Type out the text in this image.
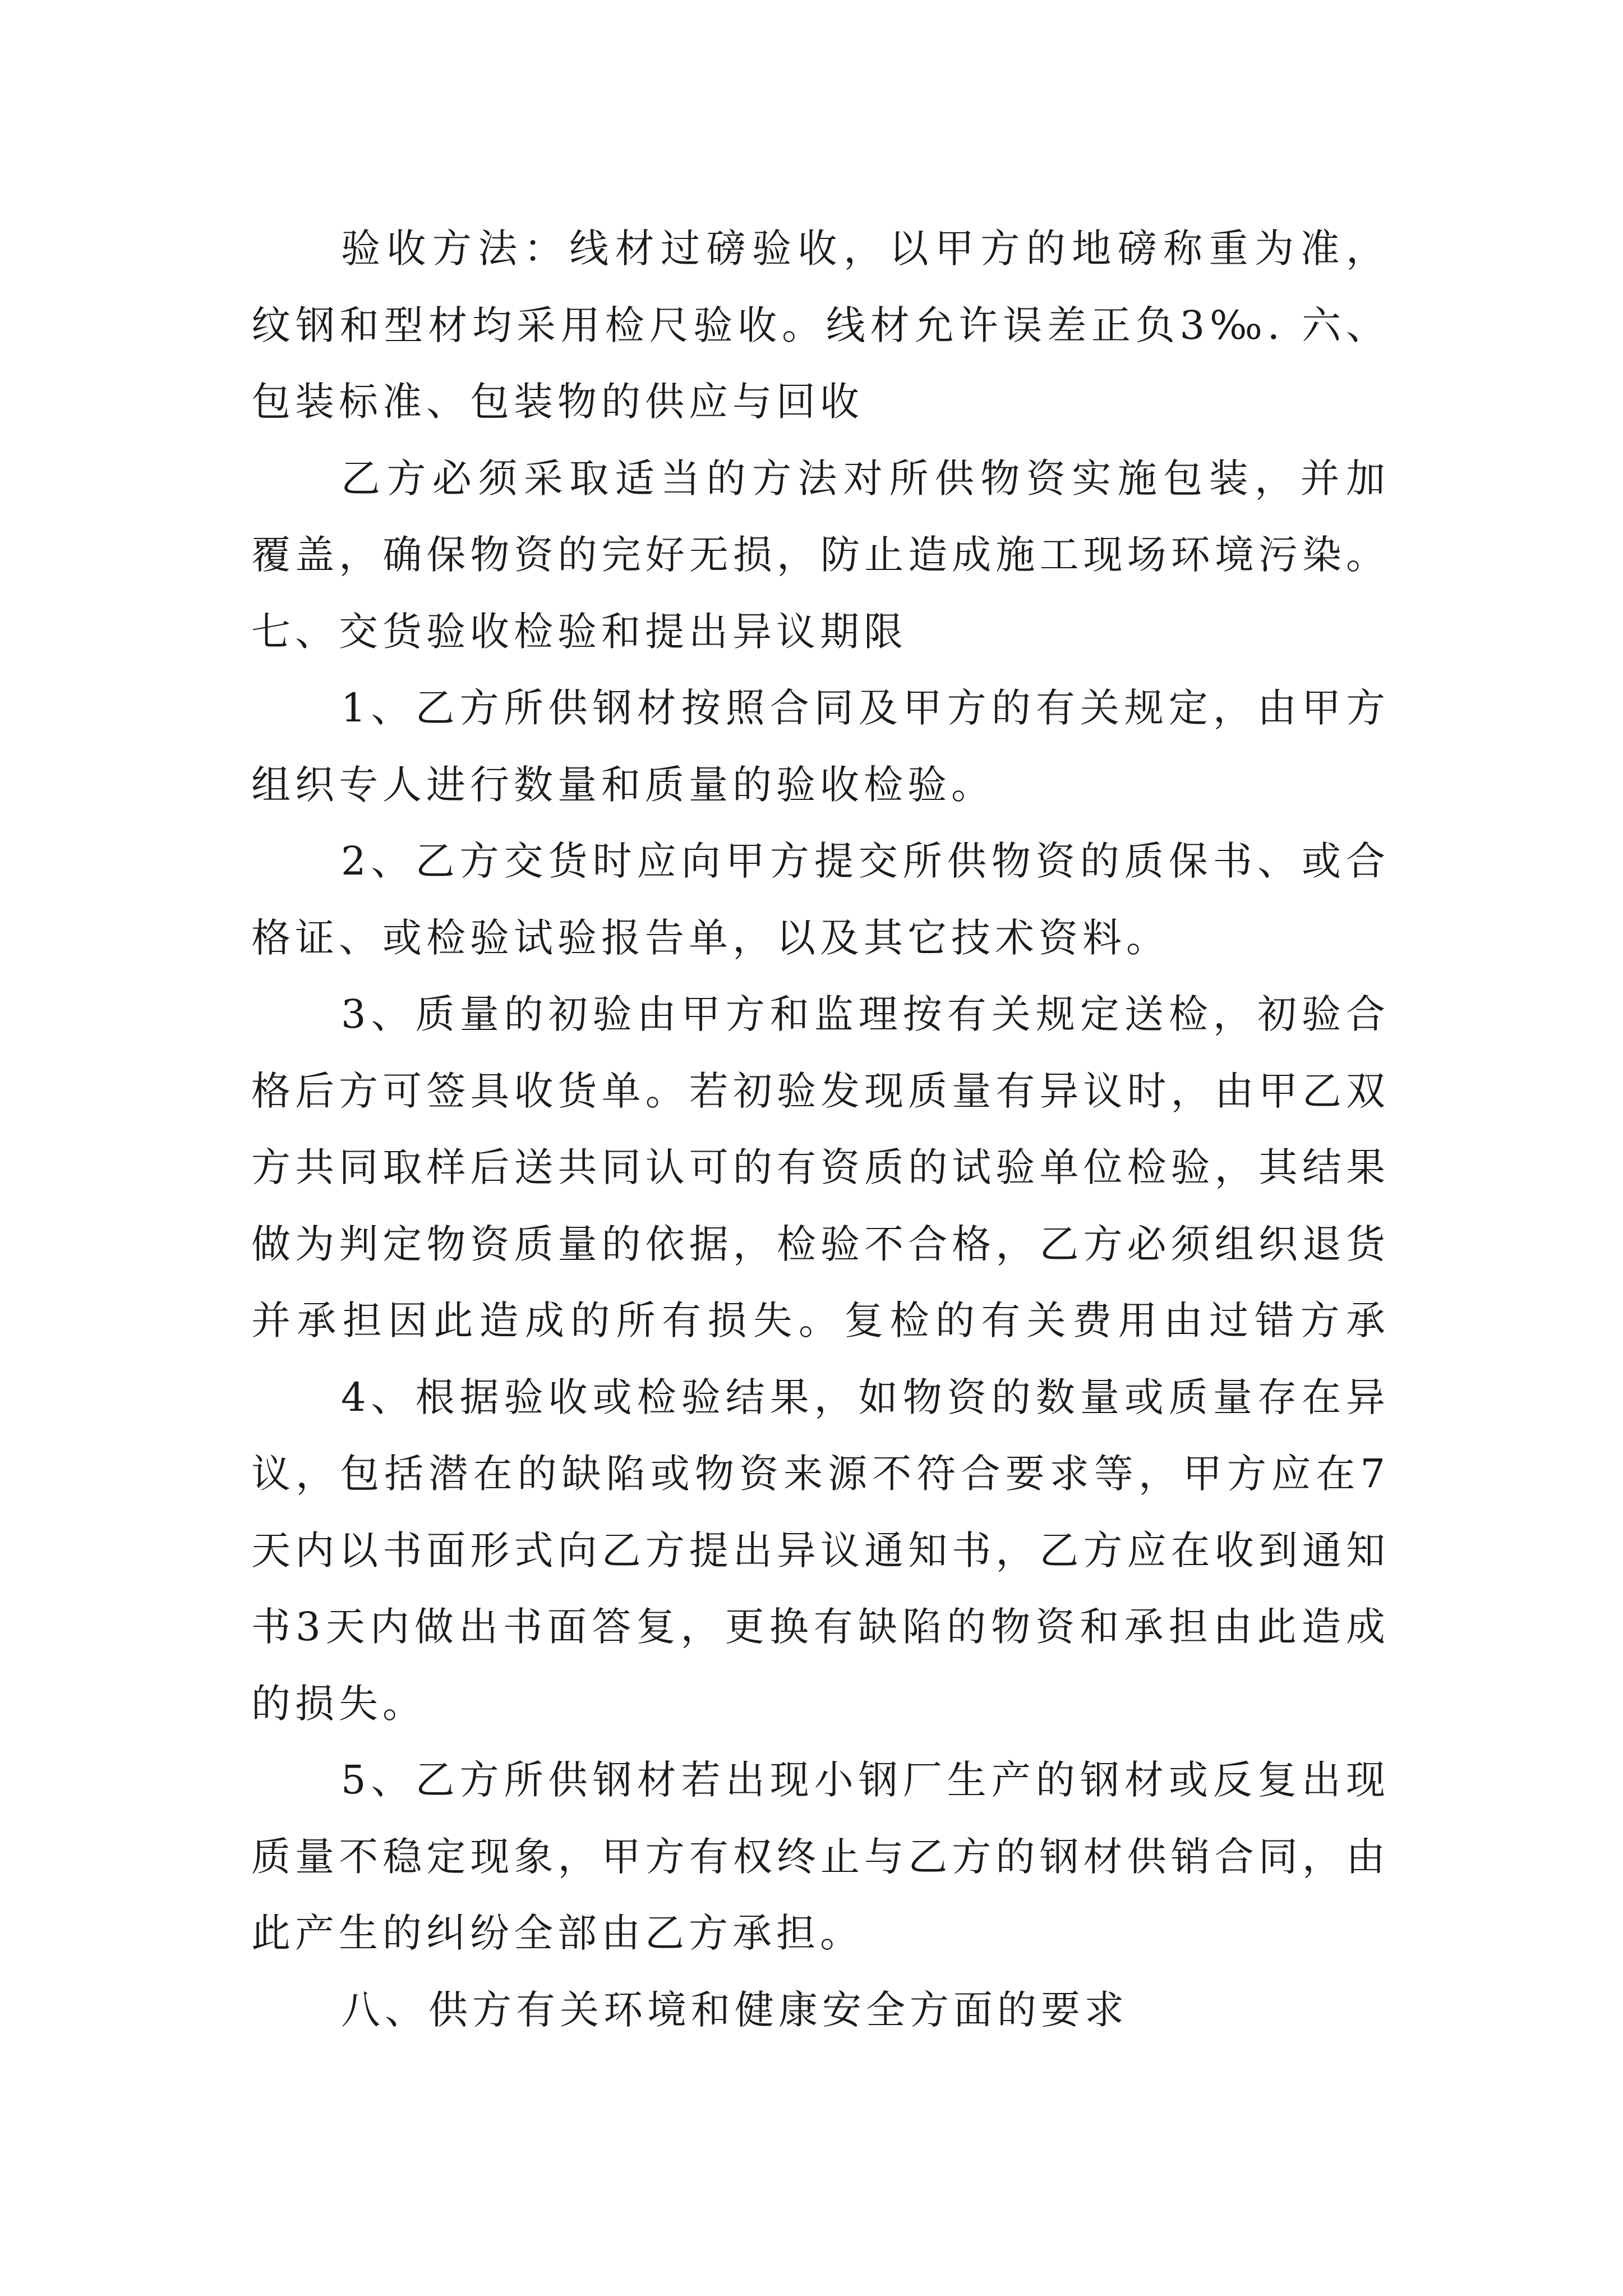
验收方法：线材过磅验收，以甲方的地磅称重为准，
纹钢和型材均采用检尺验收。线材允许误差正负3‰. 六、
包装标准、包装物的供应与回收
乙方必须采取适当的方法对所供物资实施包装，并加
覆盖，确保物资的完好无损，防止造成施工现场环境污染。
七、交货验收检验和提出异议期限
1、乙方所供钢材按照合同及甲方的有关规定，由甲方
组织专人进行数量和质量的验收检验。
2、乙方交货时应向甲方提交所供物资的质保书、或合
格证、或检验试验报告单，以及其它技术资料。
3、质量的初验由甲方和监理按有关规定送检，初验合
格后方可签具收货单。若初验发现质量有异议时，由甲乙双
方共同取样后送共同认可的有资质的试验单位检验，其结果
做为判定物资质量的依据，检验不合格，乙方必须组织退货
并承担因此造成的所有损失。复检的有关费用由过错方承
4、根据验收或检验结果，如物资的数量或质量存在异
议，包括潜在的缺陷或物资来源不符合要求等，甲方应在7
天内以书面形式向乙方提出异议通知书，乙方应在收到通知
书3天内做出书面答复，更换有缺陷的物资和承担由此造成
的损失。
5、乙方所供钢材若出现小钢厂生产的钢材或反复出现
质量不稳定现象，甲方有权终止与乙方的钢材供销合同，由
此产生的纠纷全部由乙方承担。
八、供方有关环境和健康安全方面的要求
